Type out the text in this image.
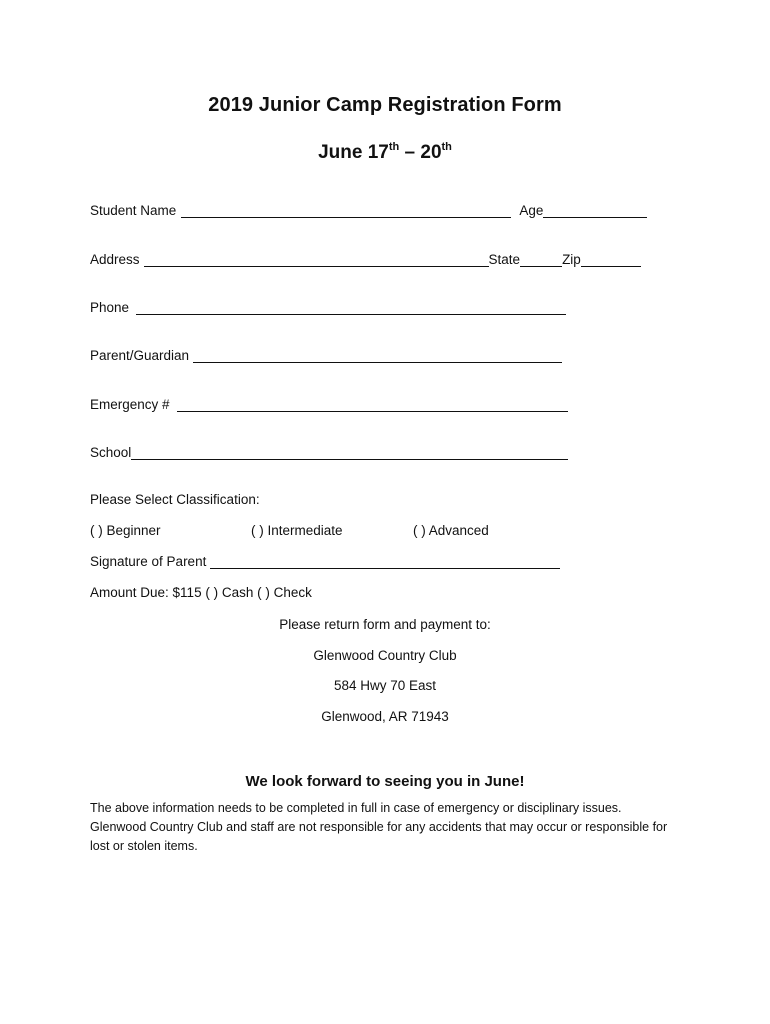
2019 Junior Camp Registration Form
June 17th – 20th
Student Name	Age
Address	State	Zip
Phone
Parent/Guardian
Emergency #
School
Please Select Classification:
( ) Beginner	( ) Intermediate	( ) Advanced
Signature of Parent
Amount Due: $115 ( ) Cash ( ) Check
Please return form and payment to:
Glenwood Country Club
584 Hwy 70 East
Glenwood, AR 71943
We look forward to seeing you in June!
The above information needs to be completed in full in case of emergency or disciplinary issues. Glenwood Country Club and staff are not responsible for any accidents that may occur or responsible for lost or stolen items.
